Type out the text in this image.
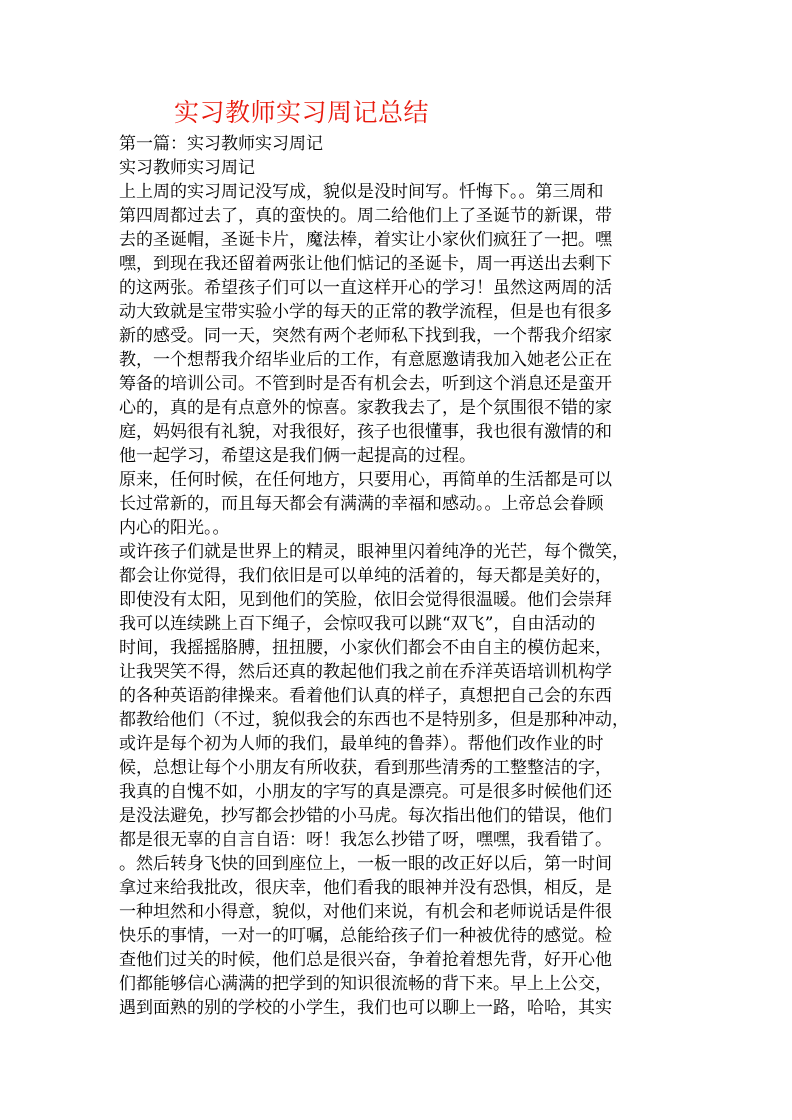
实习教师实习周记总结
第一篇：实习教师实习周记
实习教师实习周记
上上周的实习周记没写成，貌似是没时间写。忏悔下。。第三周和
第四周都过去了，真的蛮快的。周二给他们上了圣诞节的新课，带
去的圣诞帽，圣诞卡片，魔法棒，着实让小家伙们疯狂了一把。嘿
嘿，到现在我还留着两张让他们惦记的圣诞卡，周一再送出去剩下
的这两张。希望孩子们可以一直这样开心的学习！虽然这两周的活
动大致就是宝带实验小学的每天的正常的教学流程，但是也有很多
新的感受。同一天，突然有两个老师私下找到我，一个帮我介绍家
教，一个想帮我介绍毕业后的工作，有意愿邀请我加入她老公正在
筹备的培训公司。不管到时是否有机会去，听到这个消息还是蛮开
心的，真的是有点意外的惊喜。家教我去了，是个氛围很不错的家
庭，妈妈很有礼貌，对我很好，孩子也很懂事，我也很有激情的和
他一起学习，希望这是我们俩一起提高的过程。
原来，任何时候，在任何地方，只要用心，再简单的生活都是可以
长过常新的，而且每天都会有满满的幸福和感动。。上帝总会眷顾
内心的阳光。。
或许孩子们就是世界上的精灵，眼神里闪着纯净的光芒，每个微笑，
都会让你觉得，我们依旧是可以单纯的活着的，每天都是美好的，
即使没有太阳，见到他们的笑脸，依旧会觉得很温暖。他们会崇拜
我可以连续跳上百下绳子，会惊叹我可以跳“双飞”，自由活动的
时间，我摇摇胳膊，扭扭腰，小家伙们都会不由自主的模仿起来，
让我哭笑不得，然后还真的教起他们我之前在乔洋英语培训机构学
的各种英语韵律操来。看着他们认真的样子，真想把自己会的东西
都教给他们（不过，貌似我会的东西也不是特别多，但是那种冲动，
或许是每个初为人师的我们，最单纯的鲁莽）。帮他们改作业的时
候，总想让每个小朋友有所收获，看到那些清秀的工整整洁的字，
我真的自愧不如，小朋友的字写的真是漂亮。可是很多时候他们还
是没法避免，抄写都会抄错的小马虎。每次指出他们的错误，他们
都是很无辜的自言自语：呀！我怎么抄错了呀，嘿嘿，我看错了。
。然后转身飞快的回到座位上，一板一眼的改正好以后，第一时间
拿过来给我批改，很庆幸，他们看我的眼神并没有恐惧，相反，是
一种坦然和小得意，貌似，对他们来说，有机会和老师说话是件很
快乐的事情，一对一的叮嘱，总能给孩子们一种被优待的感觉。检
查他们过关的时候，他们总是很兴奋，争着抢着想先背，好开心他
们都能够信心满满的把学到的知识很流畅的背下来。早上上公交，
遇到面熟的别的学校的小学生，我们也可以聊上一路，哈哈，其实
